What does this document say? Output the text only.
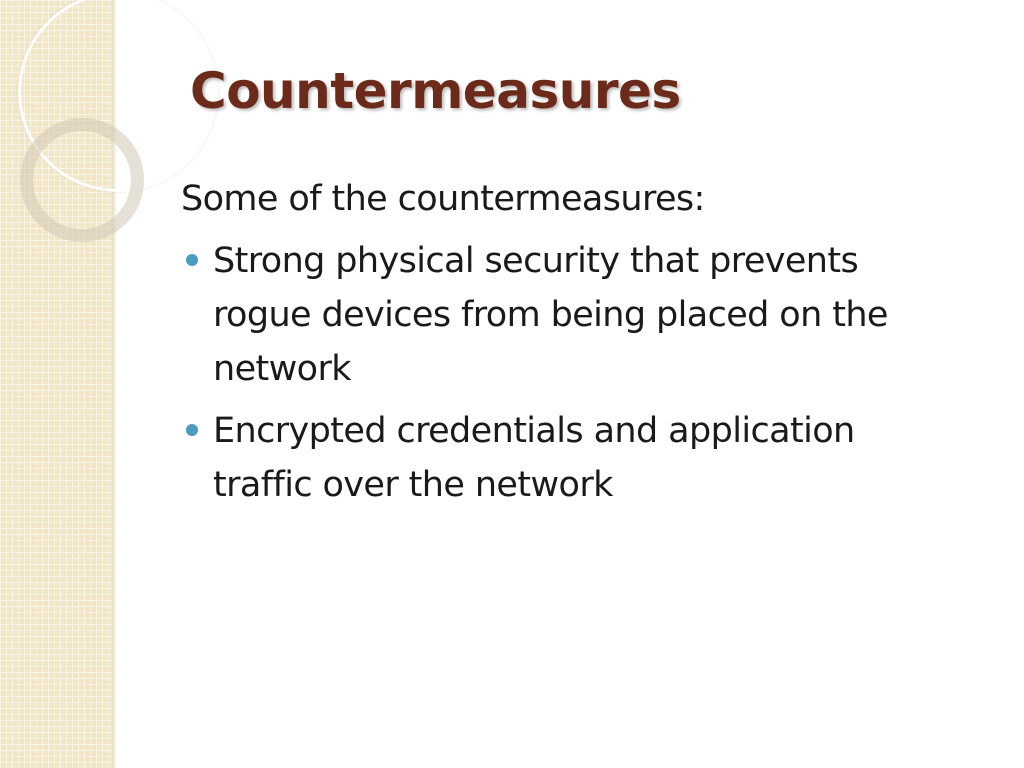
Countermeasures

Some of the countermeasures:

Strong physical security that prevents rogue devices from being placed on the network
Encrypted credentials and application traffic over the network
